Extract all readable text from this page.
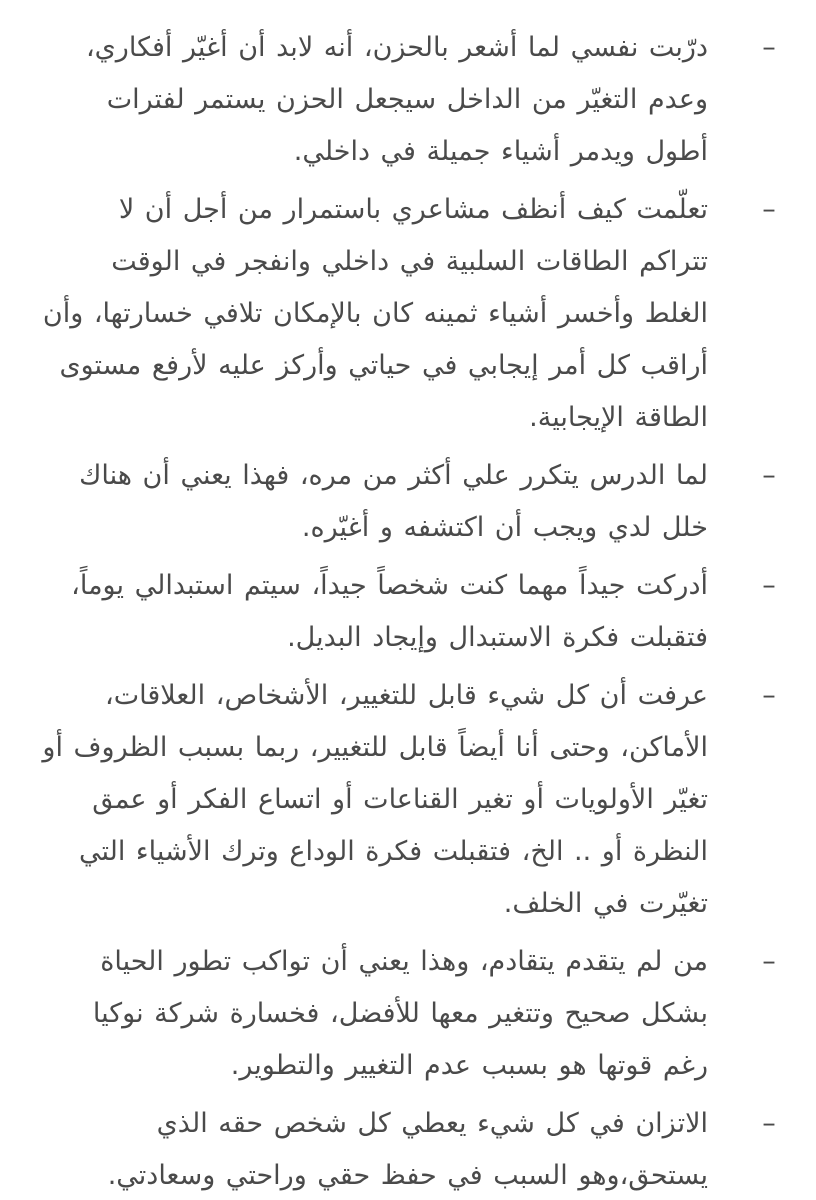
–
درّبت نفسي لما أشعر بالحزن، أنه لابد أن أغيّر أفكاري، وعدم التغيّر من الداخل سيجعل الحزن يستمر لفترات أطول ويدمر أشياء جميلة في داخلي.
–
تعلّمت كيف أنظف مشاعري باستمرار من أجل أن لا تتراكم الطاقات السلبية في داخلي وانفجر في الوقت الغلط وأخسر أشياء ثمينه كان بالإمكان تلافي خسارتها، وأن أراقب كل أمر إيجابي في حياتي وأركز عليه لأرفع مستوى الطاقة الإيجابية.
–
لما الدرس يتكرر علي أكثر من مره، فهذا يعني أن هناك خلل لدي ويجب أن اكتشفه و أغيّره.
–
أدركت جيداً مهما كنت شخصاً جيداً، سيتم استبدالي يوماً، فتقبلت فكرة الاستبدال وإيجاد البديل.
–
عرفت أن كل شيء قابل للتغيير، الأشخاص، العلاقات، الأماكن، وحتى أنا أيضاً قابل للتغيير، ربما بسبب الظروف أو تغيّر الأولويات أو تغير القناعات أو اتساع الفكر أو عمق النظرة أو .. الخ، فتقبلت فكرة الوداع وترك الأشياء التي تغيّرت في الخلف.
–
من لم يتقدم يتقادم، وهذا يعني أن تواكب تطور الحياة بشكل صحيح وتتغير معها للأفضل، فخسارة شركة نوكيا رغم قوتها هو بسبب عدم التغيير والتطوير.
–
الاتزان في كل شيء يعطي كل شخص حقه الذي يستحق،وهو السبب في حفظ حقي وراحتي وسعادتي.
